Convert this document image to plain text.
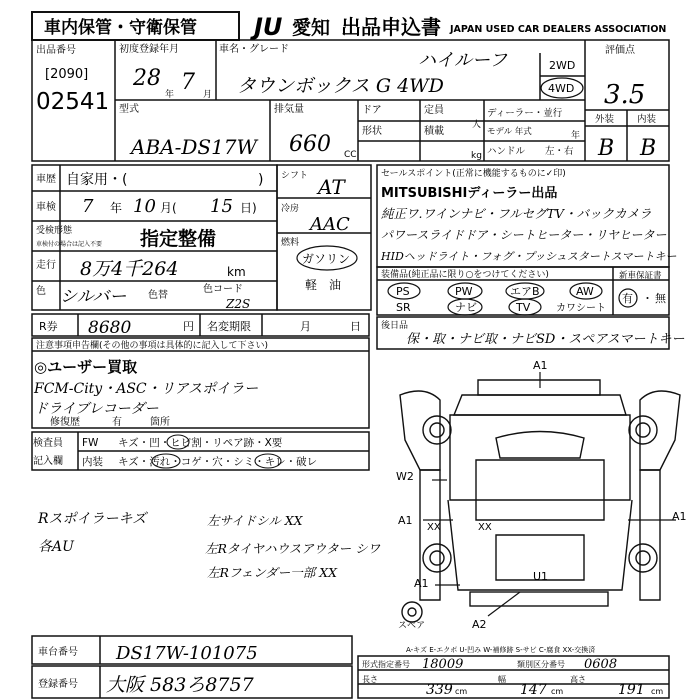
車内保管・守衛保管 JU 愛知 出品申込書 JAPAN USED CAR DEALERS ASSOCIATION
出品番号
[2090]
02541
初度登録年月
28
年 7 月
車名・グレード
ハイルーフ
タウンボックス G 4WD
2WD
4WD
型式
ABA-DS17W
排気量
660 CC
ドア
形状
定員
人
積載
kg
ディーラー・並行
モデル 年式	年
ハンドル 左・右
評価点
3.5
外装 内装
B B
車歴 自家用・(	)
車検 7 年 10 月( 15 日)
受検形態
車検付の場合は記入不要 指定整備
走行 8万4千264	km
色 シルバー 色替
色コード
Z2S
シフト AT
冷房
AAC
燃料
ガソリン
軽　油
R券 8680	円 名変期限	月	日
セールスポイント(正常に機能するものに✓印)
MITSUBISHIディーラー出品
純正ワ.ワインナビ・フルセグTV・バックカメラ
パワースライドドア・シートヒーター・リヤヒーター
HIDヘッドライト・フォグ・プッシュスタートスマートキー
装備品(純正品に限り○をつけてください)
PS	PW	エアB	AW
SR	ナビ	TV	カワシート
新車保証書
有 ・ 無
後日品
保・取・ナビ取・ナビSD・スペアスマートキー
注意事項申告欄(その他の事項は具体的に記入して下さい)
◎ユーザー買取
FCM-City・ASC・リアスポイラー
ドライブレコーダー
修復歴	有	箇所
検査員
記入欄
FW キズ・凹・ヒビ割・リペア跡・X要
内装 キズ・汚れ・コゲ・穴・シミ・キレ・破レ
Rスポイラーキズ
各AU
左サイドシル XX
左Rタイヤハウスアウター シワ
左Rフェンダー一部 XX
A1
W2
A1	A1
XX	XX
U1
A1
A2
スペア
A-キズ E-エクボ U-凹み W-補修跡 S-サビ C-腐食 XX-交換済
車台番号 DS17W-101075
登録番号 大阪 583ろ8757
形式指定番号 18009	類別区分番号 0608
長さ
339 cm
幅
147 cm
高さ
191 cm
